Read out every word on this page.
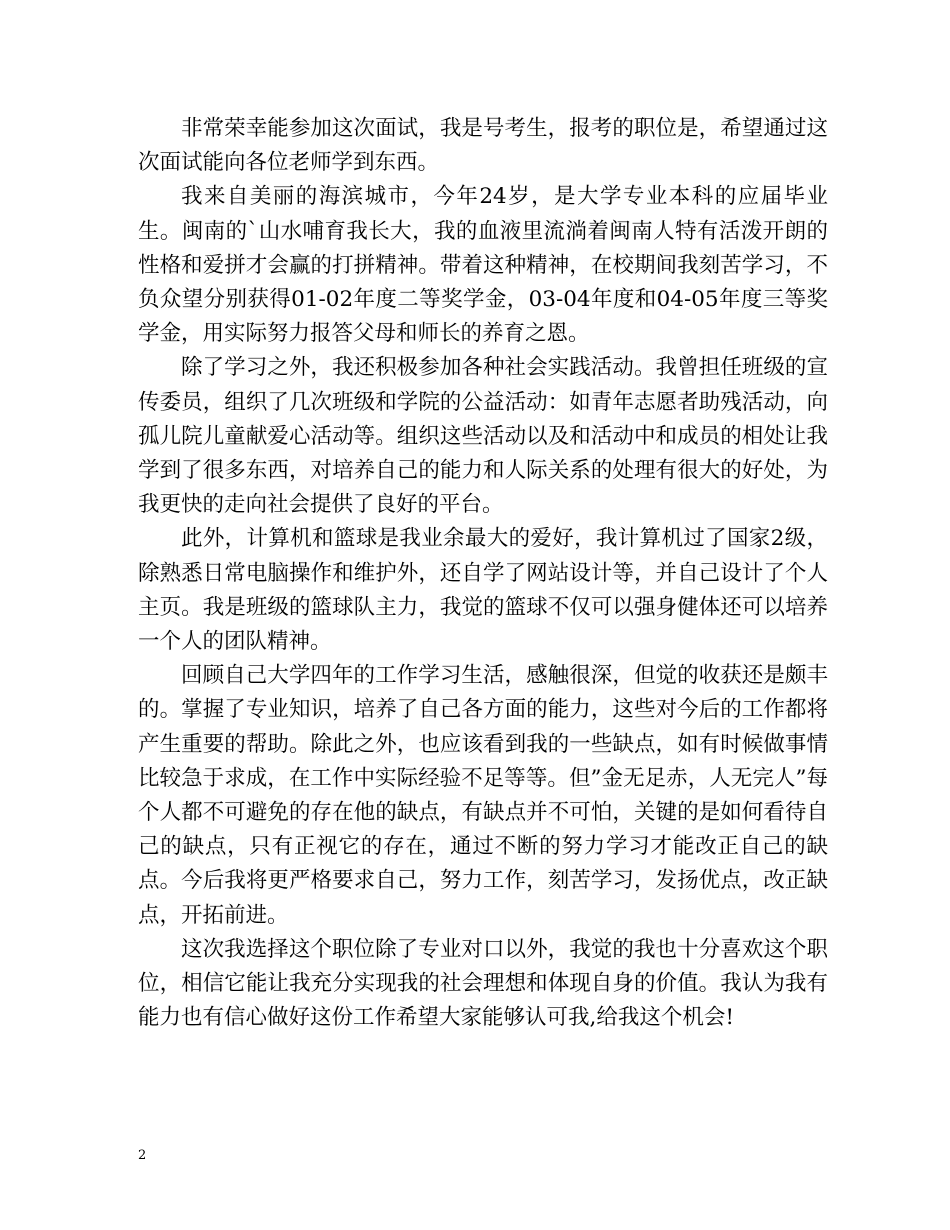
非常荣幸能参加这次面试，我是号考生，报考的职位是，希望通过这次面试能向各位老师学到东西。

我来自美丽的海滨城市，今年24岁，是大学专业本科的应届毕业生。闽南的`山水哺育我长大，我的血液里流淌着闽南人特有活泼开朗的性格和爱拼才会赢的打拼精神。带着这种精神，在校期间我刻苦学习，不负众望分别获得01-02年度二等奖学金，03-04年度和04-05年度三等奖学金，用实际努力报答父母和师长的养育之恩。

除了学习之外，我还积极参加各种社会实践活动。我曾担任班级的宣传委员，组织了几次班级和学院的公益活动：如青年志愿者助残活动，向孤儿院儿童献爱心活动等。组织这些活动以及和活动中和成员的相处让我学到了很多东西，对培养自己的能力和人际关系的处理有很大的好处，为我更快的走向社会提供了良好的平台。

此外，计算机和篮球是我业余最大的爱好，我计算机过了国家2级，除熟悉日常电脑操作和维护外，还自学了网站设计等，并自己设计了个人主页。我是班级的篮球队主力，我觉的篮球不仅可以强身健体还可以培养一个人的团队精神。

回顾自己大学四年的工作学习生活，感触很深，但觉的收获还是颇丰的。掌握了专业知识，培养了自己各方面的能力，这些对今后的工作都将产生重要的帮助。除此之外，也应该看到我的一些缺点，如有时候做事情比较急于求成，在工作中实际经验不足等等。但”金无足赤，人无完人”每个人都不可避免的存在他的缺点，有缺点并不可怕，关键的是如何看待自己的缺点，只有正视它的存在，通过不断的努力学习才能改正自己的缺点。今后我将更严格要求自己，努力工作，刻苦学习，发扬优点，改正缺点，开拓前进。

这次我选择这个职位除了专业对口以外，我觉的我也十分喜欢这个职位，相信它能让我充分实现我的社会理想和体现自身的价值。我认为我有能力也有信心做好这份工作希望大家能够认可我,给我这个机会!

2
